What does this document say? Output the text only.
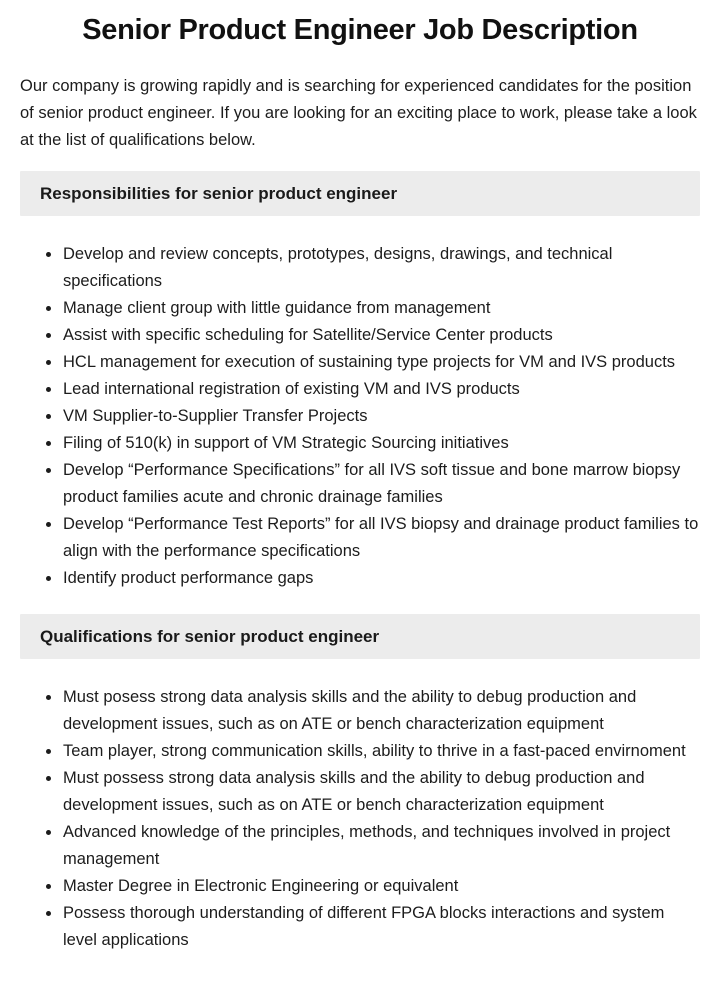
Senior Product Engineer Job Description

Our company is growing rapidly and is searching for experienced candidates for the position of senior product engineer. If you are looking for an exciting place to work, please take a look at the list of qualifications below.

Responsibilities for senior product engineer
• Develop and review concepts, prototypes, designs, drawings, and technical specifications
• Manage client group with little guidance from management
• Assist with specific scheduling for Satellite/Service Center products
• HCL management for execution of sustaining type projects for VM and IVS products
• Lead international registration of existing VM and IVS products
• VM Supplier-to-Supplier Transfer Projects
• Filing of 510(k) in support of VM Strategic Sourcing initiatives
• Develop “Performance Specifications” for all IVS soft tissue and bone marrow biopsy product families acute and chronic drainage families
• Develop “Performance Test Reports” for all IVS biopsy and drainage product families to align with the performance specifications
• Identify product performance gaps
Qualifications for senior product engineer
• Must posess strong data analysis skills and the ability to debug production and development issues, such as on ATE or bench characterization equipment
• Team player, strong communication skills, ability to thrive in a fast-paced envirnoment
• Must possess strong data analysis skills and the ability to debug production and development issues, such as on ATE or bench characterization equipment
• Advanced knowledge of the principles, methods, and techniques involved in project management
• Master Degree in Electronic Engineering or equivalent
• Possess thorough understanding of different FPGA blocks interactions and system level applications
